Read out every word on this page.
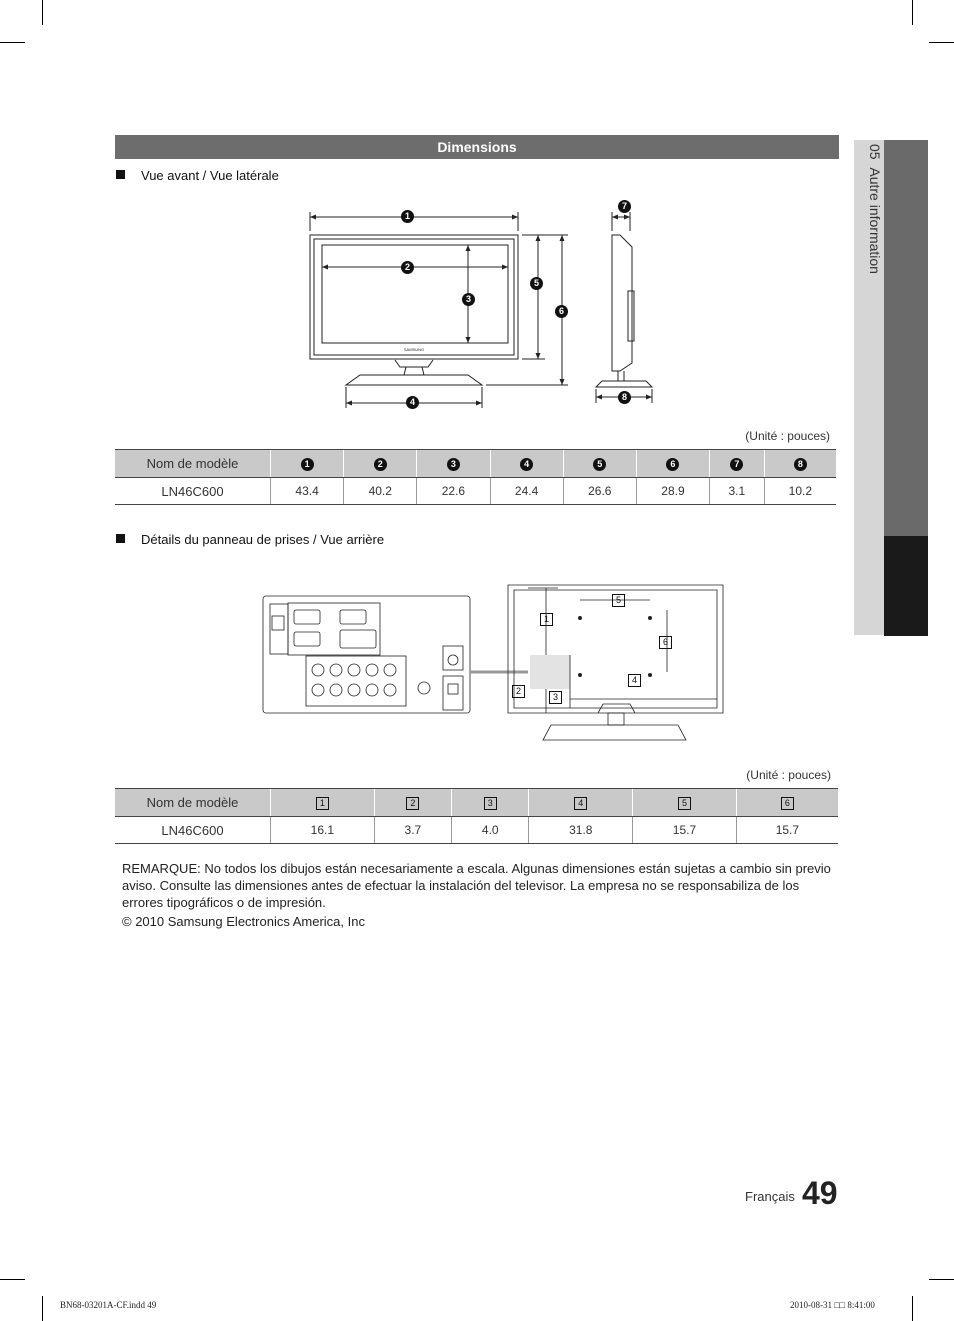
05  Autre information
Dimensions
Vue avant / Vue latérale
SAMSUNG
1
2
3
4
5
6
7
8
(Unité : pouces)
Nom de modèle	1	2	3	4	5	6	7	8
LN46C600	43.4	40.2	22.6	24.4	26.6	28.9	3.1	10.2
Détails du panneau de prises / Vue arrière
1
2
3
4
5
6
(Unité : pouces)
Nom de modèle	1	2	3	4	5	6
LN46C600	16.1	3.7	4.0	31.8	15.7	15.7
REMARQUE: No todos los dibujos están necesariamente a escala. Algunas dimensiones están sujetas a cambio sin previo aviso. Consulte las dimensiones antes de efectuar la instalación del televisor. La empresa no se responsabiliza de los errores tipográficos o de impresión.
© 2010 Samsung Electronics America, Inc
Français 49
BN68-03201A-CF.indd 49	2010-08-31 □□ 8:41:00
